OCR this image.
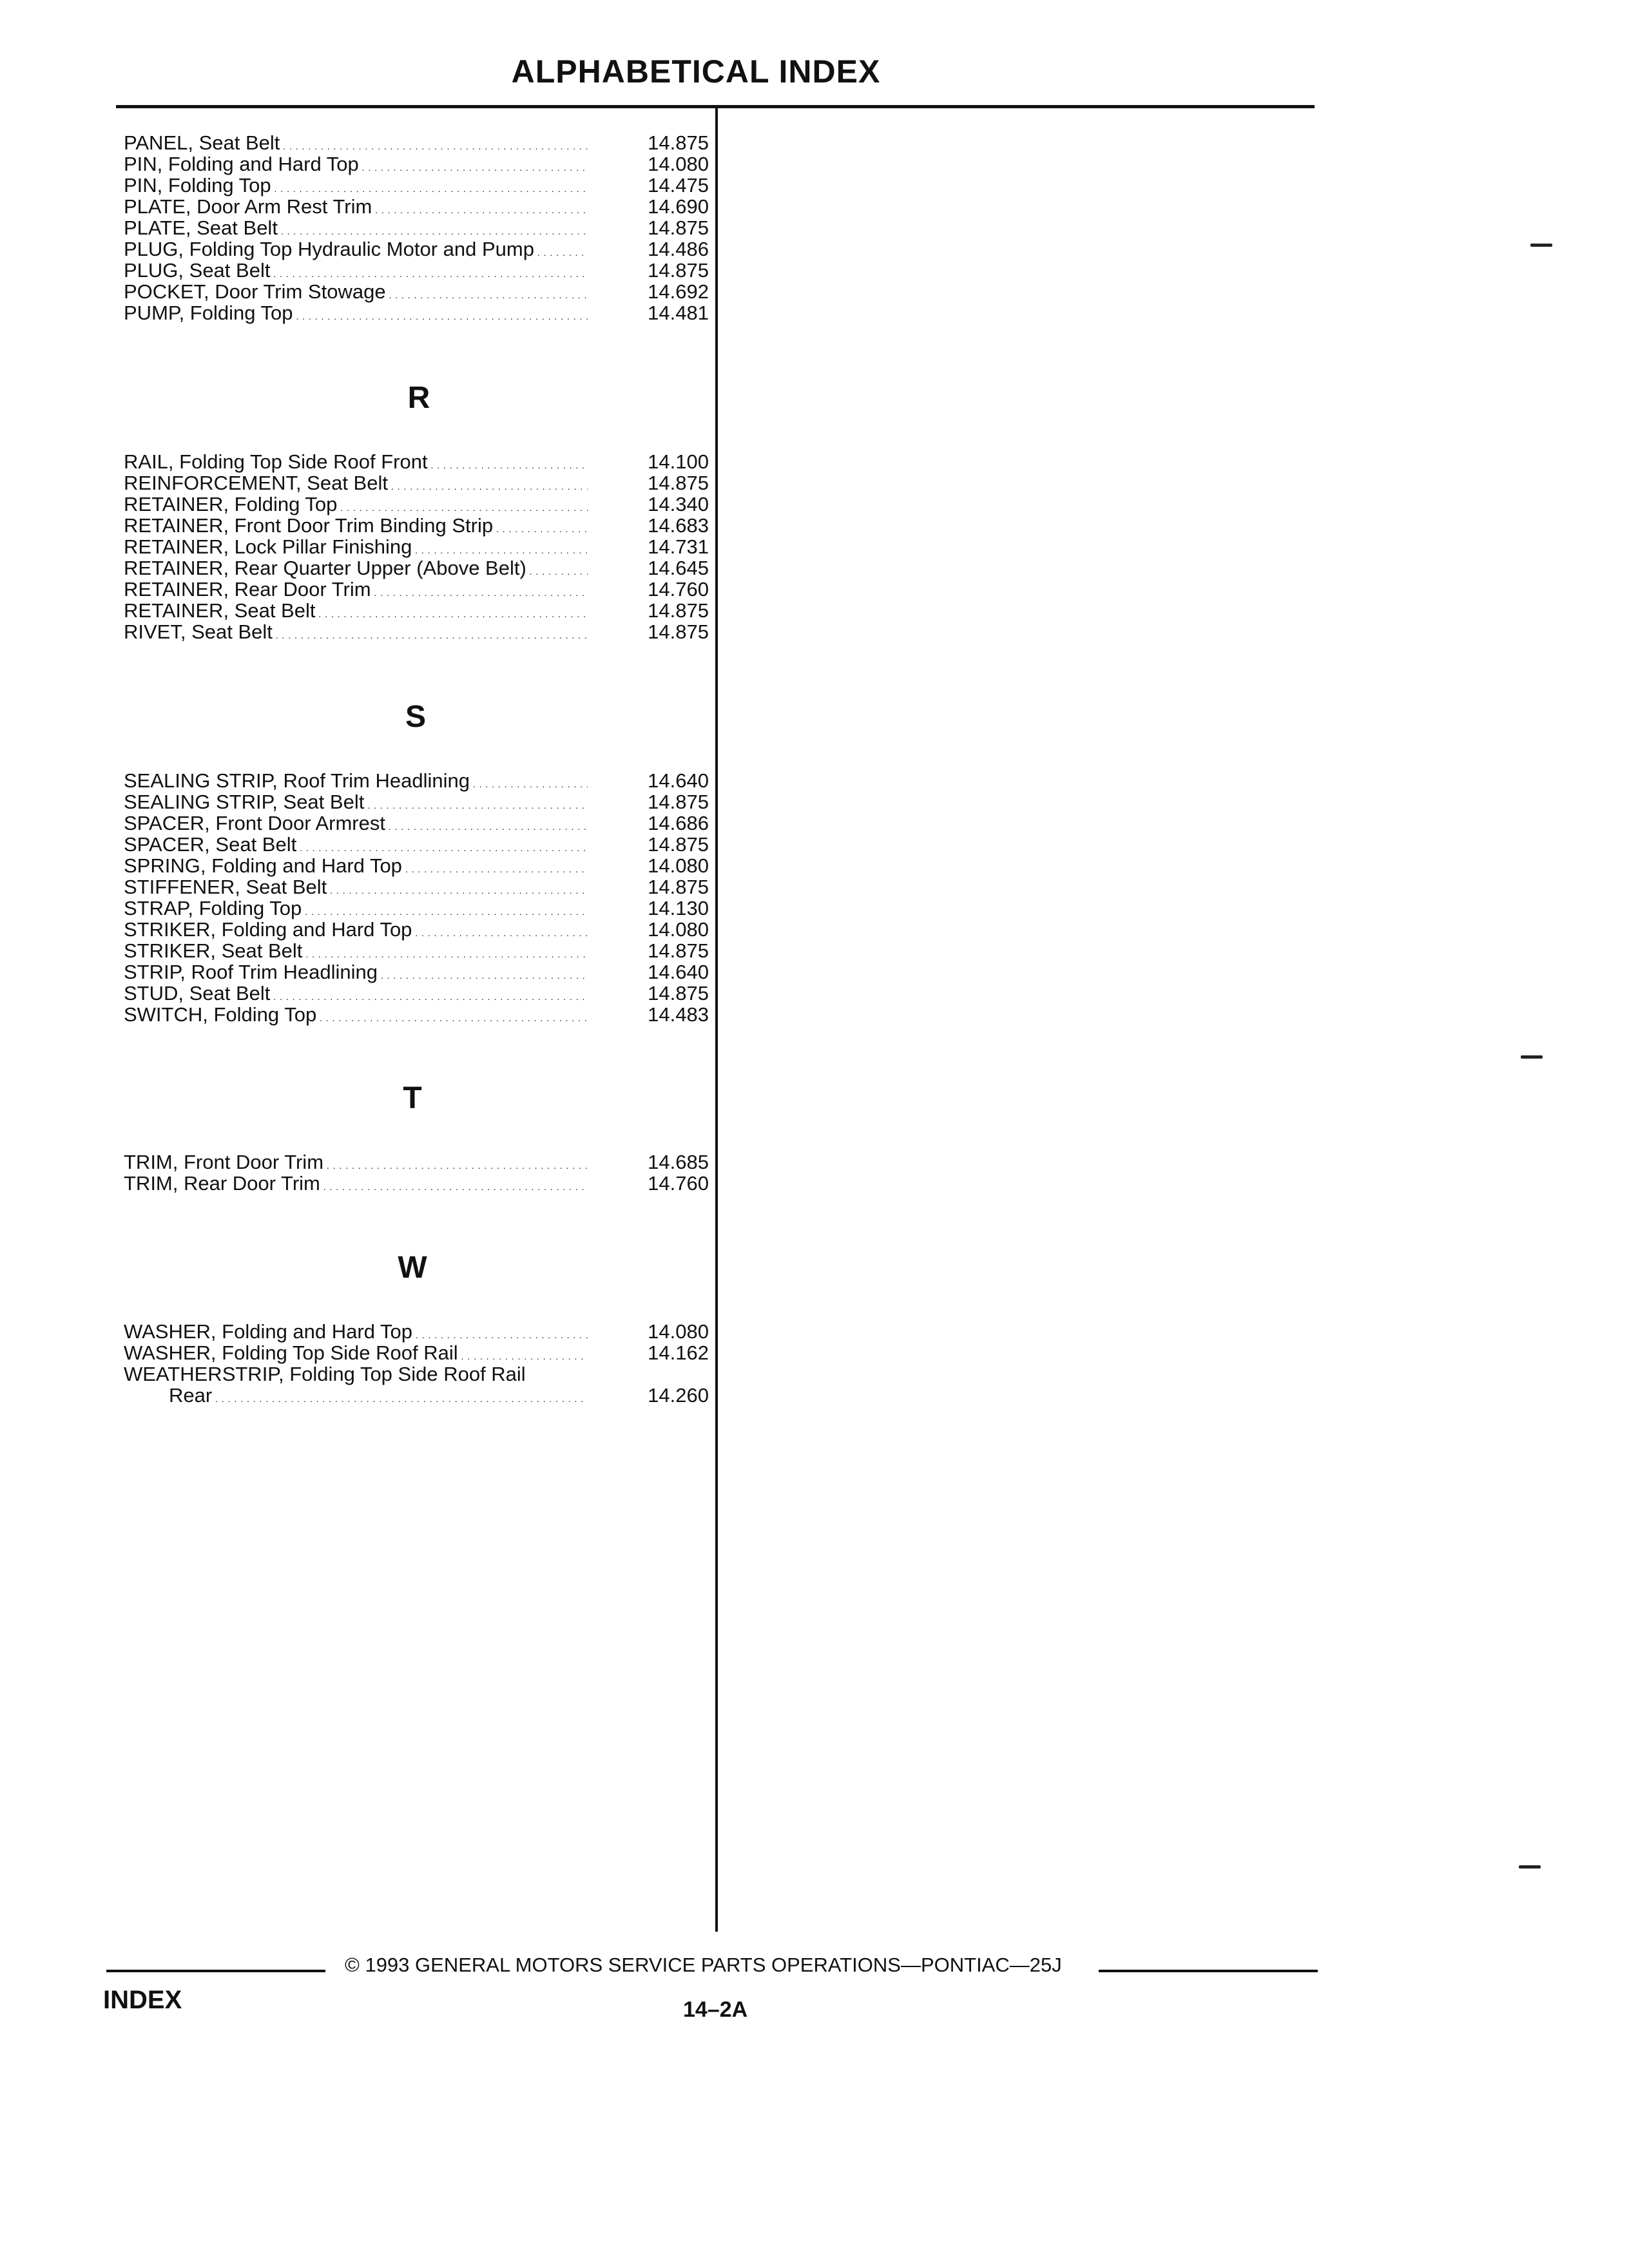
ALPHABETICAL INDEX
PANEL, Seat Belt . . .	14.875
PIN, Folding and Hard Top . . .	14.080
PIN, Folding Top . . .	14.475
PLATE, Door Arm Rest Trim . . .	14.690
PLATE, Seat Belt . . .	14.875
PLUG, Folding Top Hydraulic Motor and Pump . . .	14.486
PLUG, Seat Belt . . .	14.875
POCKET, Door Trim Stowage . . .	14.692
PUMP, Folding Top . . .	14.481
R
RAIL, Folding Top Side Roof Front . . .	14.100
REINFORCEMENT, Seat Belt . . .	14.875
RETAINER, Folding Top . . .	14.340
RETAINER, Front Door Trim Binding Strip . . .	14.683
RETAINER, Lock Pillar Finishing . . .	14.731
RETAINER, Rear Quarter Upper (Above Belt) . . .	14.645
RETAINER, Rear Door Trim . . .	14.760
RETAINER, Seat Belt . . .	14.875
RIVET, Seat Belt . . .	14.875
S
SEALING STRIP, Roof Trim Headlining . . .	14.640
SEALING STRIP, Seat Belt . . .	14.875
SPACER, Front Door Armrest . . .	14.686
SPACER, Seat Belt . . .	14.875
SPRING, Folding and Hard Top . . .	14.080
STIFFENER, Seat Belt . . .	14.875
STRAP, Folding Top . . .	14.130
STRIKER, Folding and Hard Top . . .	14.080
STRIKER, Seat Belt . . .	14.875
STRIP, Roof Trim Headlining . . .	14.640
STUD, Seat Belt . . .	14.875
SWITCH, Folding Top . . .	14.483
T
TRIM, Front Door Trim . . .	14.685
TRIM, Rear Door Trim . . .	14.760
W
WASHER, Folding and Hard Top . . .	14.080
WASHER, Folding Top Side Roof Rail . . .	14.162
WEATHERSTRIP, Folding Top Side Roof Rail
Rear . . .	14.260
© 1993 GENERAL MOTORS SERVICE PARTS OPERATIONS—PONTIAC—25J
INDEX	14–2A
